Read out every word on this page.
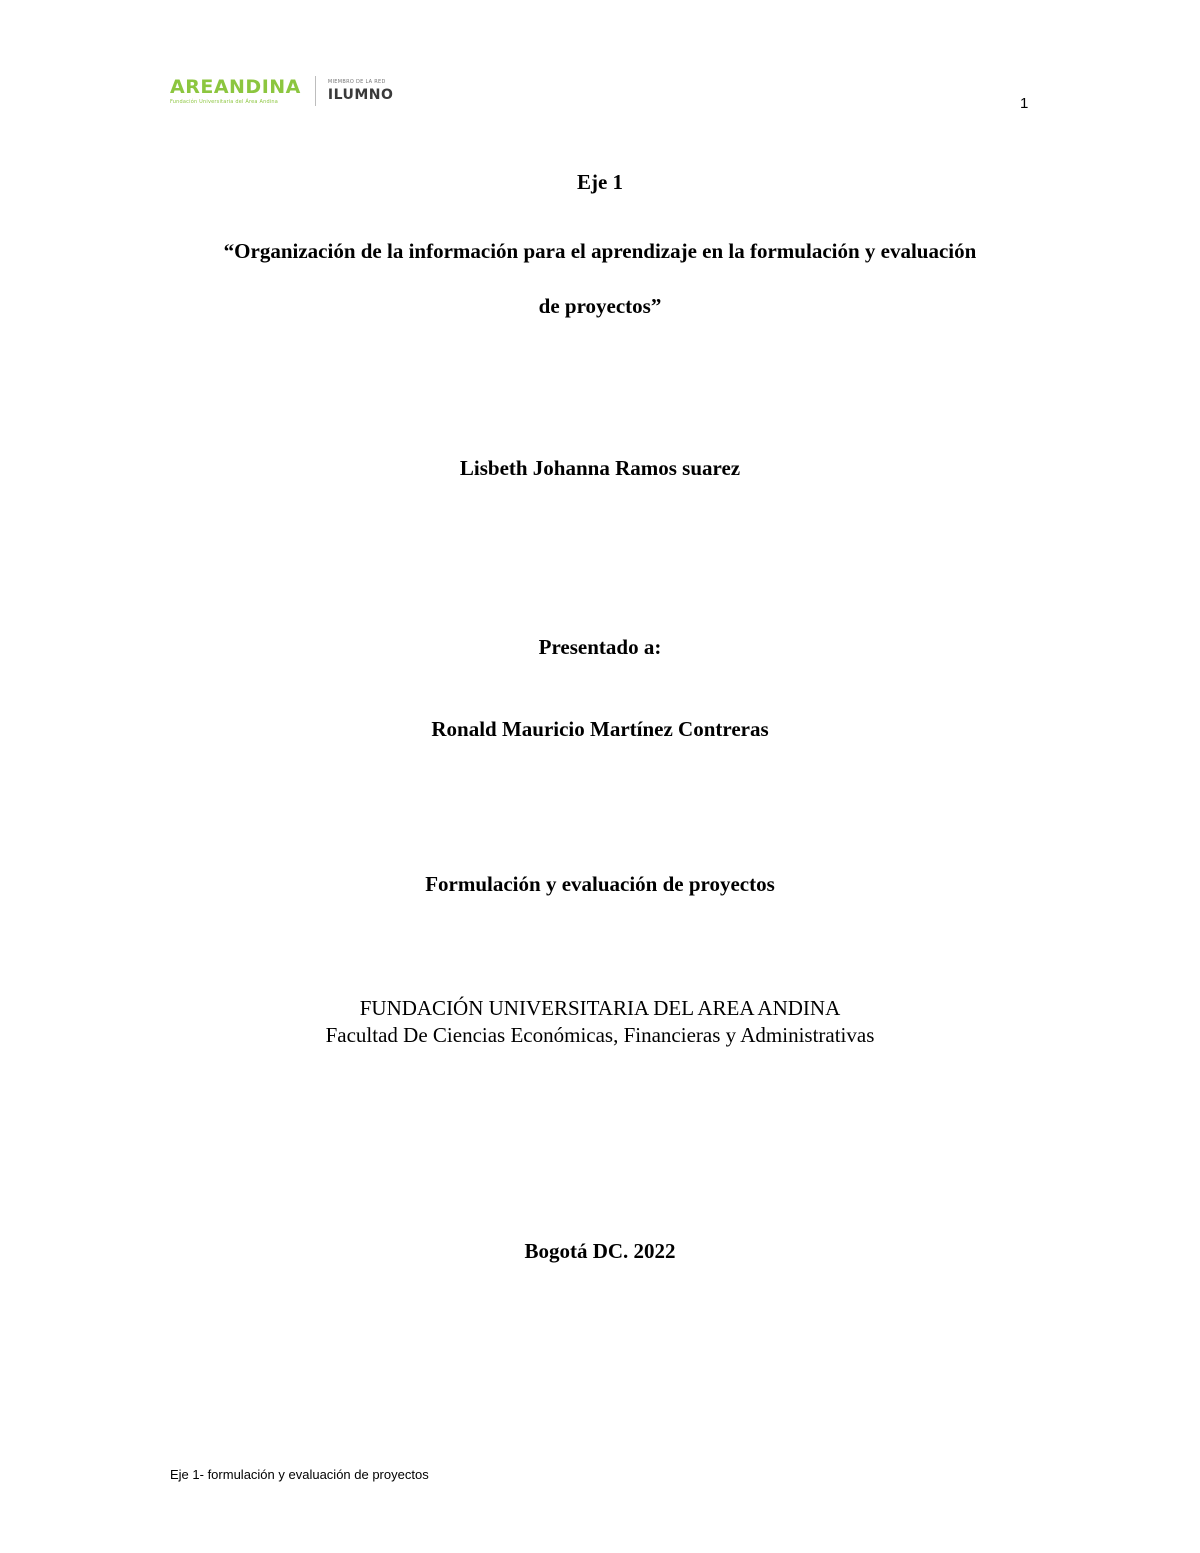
AREANDINA
Fundación Universitaria del Área Andina
MIEMBRO DE LA RED
ILUMNO	1
Eje 1
“Organización de la información para el aprendizaje en la formulación y evaluación
de proyectos”
Lisbeth Johanna Ramos suarez
Presentado a:
Ronald Mauricio Martínez Contreras
Formulación y evaluación de proyectos
FUNDACIÓN UNIVERSITARIA DEL AREA ANDINA
Facultad De Ciencias Económicas, Financieras y Administrativas
Bogotá DC. 2022
Eje 1- formulación y evaluación de proyectos
